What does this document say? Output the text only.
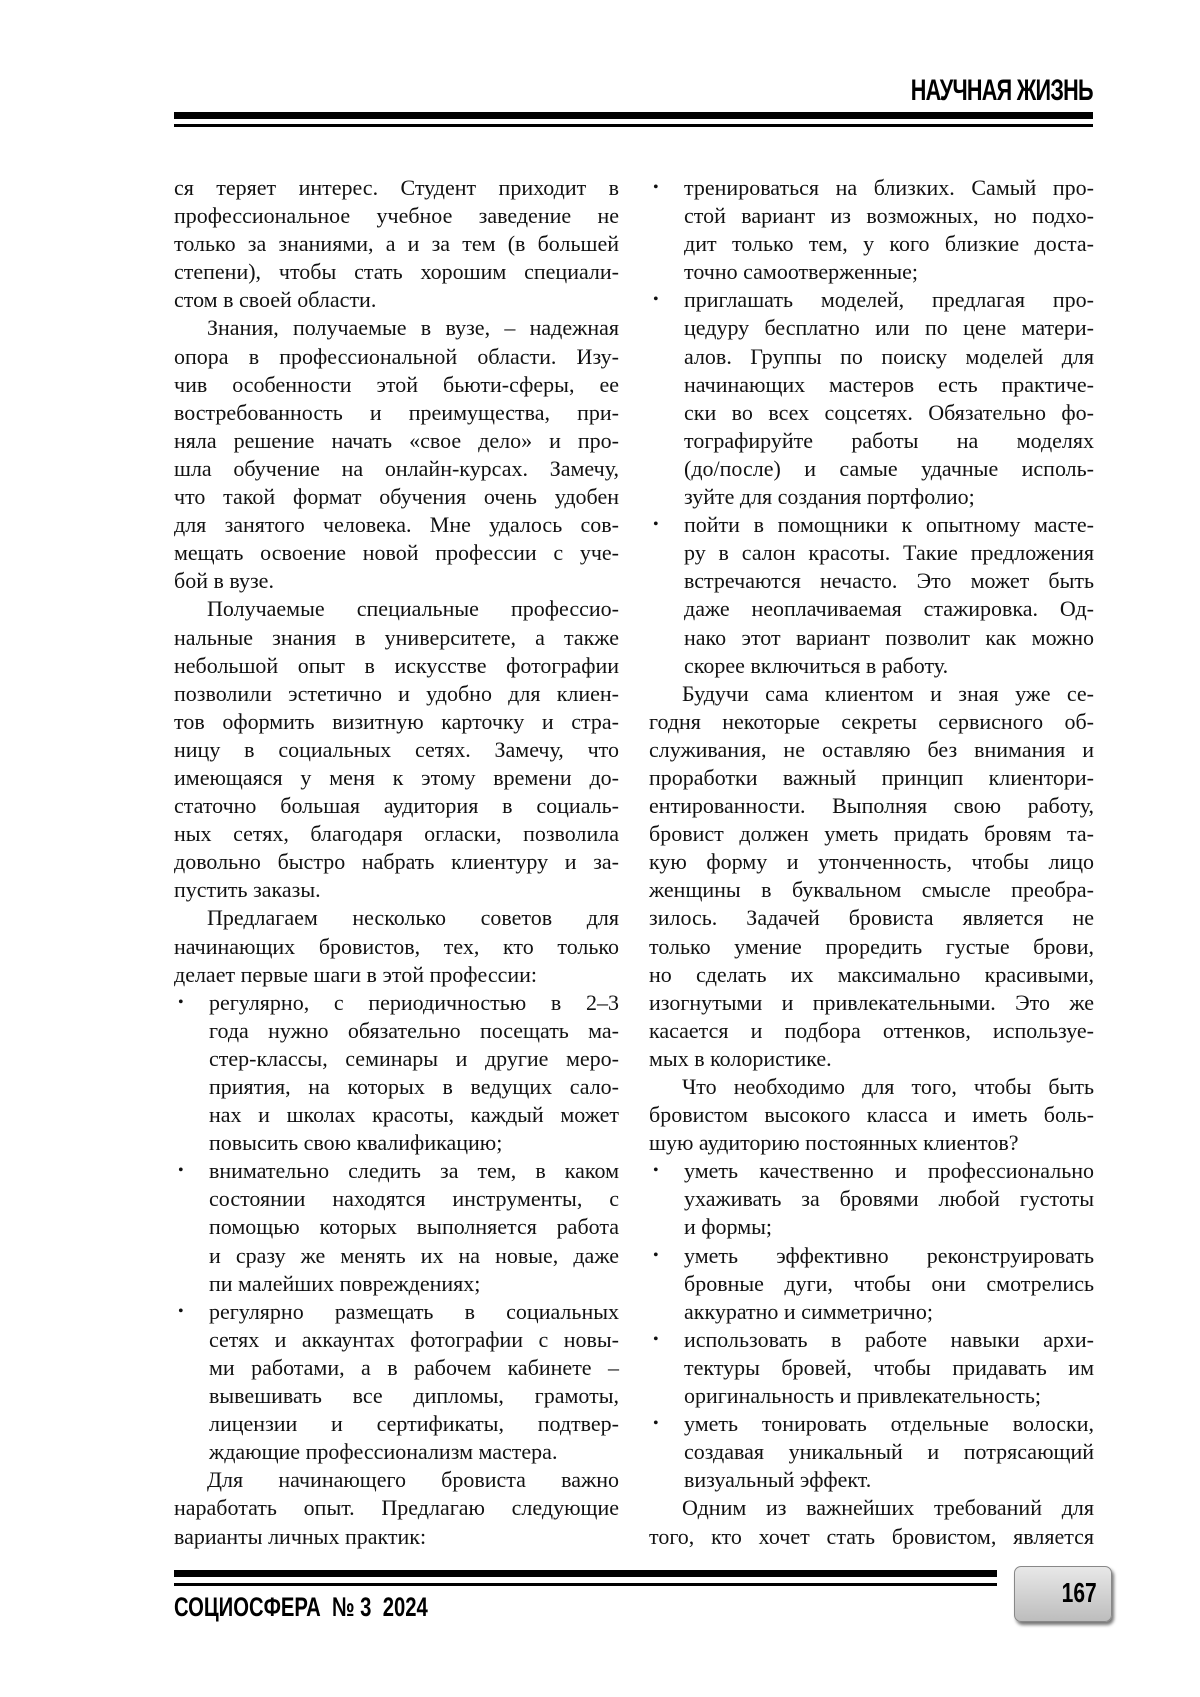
НАУЧНАЯ ЖИЗНЬ
ся теряет интерес. Студент приходит в
профессиональное учебное заведение не
только за знаниями, а и за тем (в большей
степени), чтобы стать хорошим специали-
стом в своей области.
Знания, получаемые в вузе, – надежная
опора в профессиональной области. Изу-
чив особенности этой бьюти-сферы, ее
востребованность и преимущества, при-
няла решение начать «свое дело» и про-
шла обучение на онлайн-курсах. Замечу,
что такой формат обучения очень удобен
для занятого человека. Мне удалось сов-
мещать освоение новой профессии с уче-
бой в вузе.
Получаемые специальные профессио-
нальные знания в университете, а также
небольшой опыт в искусстве фотографии
позволили эстетично и удобно для клиен-
тов оформить визитную карточку и стра-
ницу в социальных сетях. Замечу, что
имеющаяся у меня к этому времени до-
статочно большая аудитория в социаль-
ных сетях, благодаря огласки, позволила
довольно быстро набрать клиентуру и за-
пустить заказы.
Предлагаем несколько советов для
начинающих бровистов, тех, кто только
делает первые шаги в этой профессии:
• регулярно, с периодичностью в 2–3
года нужно обязательно посещать ма-
стер-классы, семинары и другие меро-
приятия, на которых в ведущих сало-
нах и школах красоты, каждый может
повысить свою квалификацию;
• внимательно следить за тем, в каком
состоянии находятся инструменты, с
помощью которых выполняется работа
и сразу же менять их на новые, даже
пи малейших повреждениях;
• регулярно размещать в социальных
сетях и аккаунтах фотографии с новы-
ми работами, а в рабочем кабинете –
вывешивать все дипломы, грамоты,
лицензии и сертификаты, подтвер-
ждающие профессионализм мастера.
Для начинающего бровиста важно
наработать опыт. Предлагаю следующие
варианты личных практик:
• тренироваться на близких. Самый про-
стой вариант из возможных, но подхо-
дит только тем, у кого близкие доста-
точно самоотверженные;
• приглашать моделей, предлагая про-
цедуру бесплатно или по цене матери-
алов. Группы по поиску моделей для
начинающих мастеров есть практиче-
ски во всех соцсетях. Обязательно фо-
тографируйте работы на моделях
(до/после) и самые удачные исполь-
зуйте для создания портфолио;
• пойти в помощники к опытному масте-
ру в салон красоты. Такие предложения
встречаются нечасто. Это может быть
даже неоплачиваемая стажировка. Од-
нако этот вариант позволит как можно
скорее включиться в работу.
Будучи сама клиентом и зная уже се-
годня некоторые секреты сервисного об-
служивания, не оставляю без внимания и
проработки важный принцип клиентори-
ентированности. Выполняя свою работу,
бровист должен уметь придать бровям та-
кую форму и утонченность, чтобы лицо
женщины в буквальном смысле преобра-
зилось. Задачей бровиста является не
только умение проредить густые брови,
но сделать их максимально красивыми,
изогнутыми и привлекательными. Это же
касается и подбора оттенков, используе-
мых в колористике.
Что необходимо для того, чтобы быть
бровистом высокого класса и иметь боль-
шую аудиторию постоянных клиентов?
• уметь качественно и профессионально
ухаживать за бровями любой густоты
и формы;
• уметь эффективно реконструировать
бровные дуги, чтобы они смотрелись
аккуратно и симметрично;
• использовать в работе навыки архи-
тектуры бровей, чтобы придавать им
оригинальность и привлекательность;
• уметь тонировать отдельные волоски,
создавая уникальный и потрясающий
визуальный эффект.
Одним из важнейших требований для
того, кто хочет стать бровистом, является
СОЦИОСФЕРА  № 3  2024	167
